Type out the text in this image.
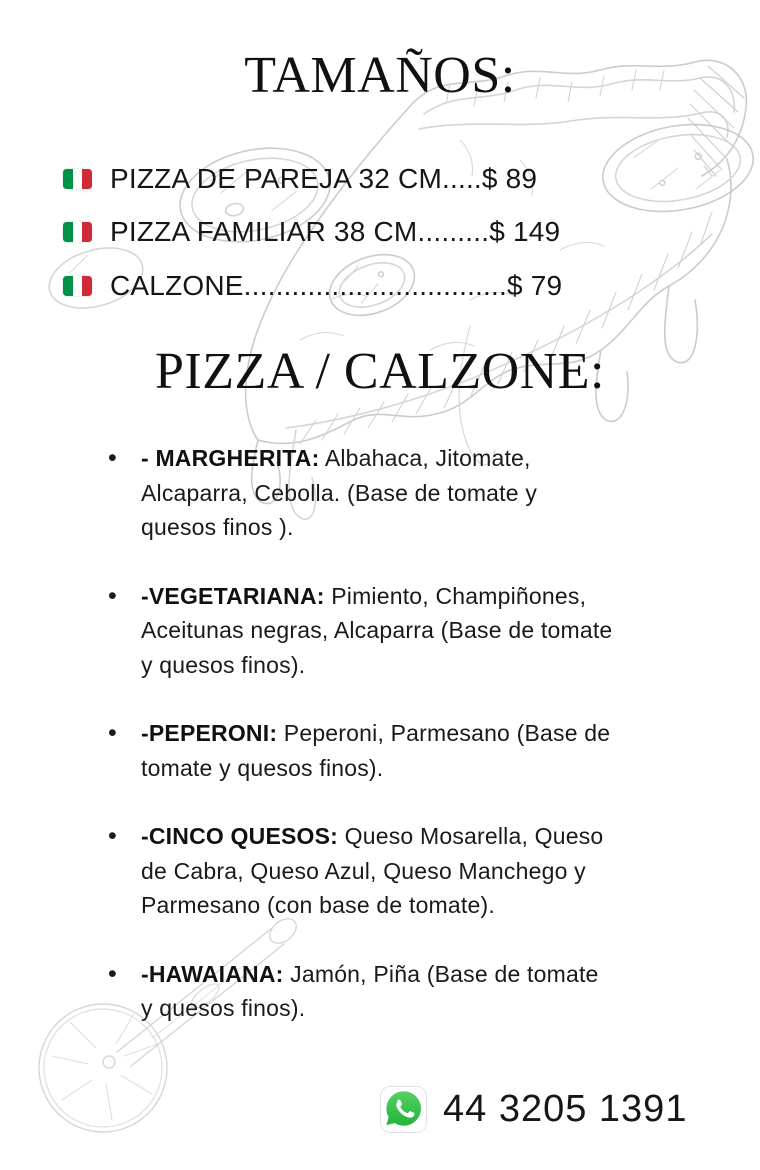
TAMAÑOS:
PIZZA DE PAREJA 32 CM.....$ 89
PIZZA FAMILIAR 38 CM.........$ 149
CALZONE.................................$ 79
PIZZA / CALZONE:
• - MARGHERITA: Albahaca, Jitomate, Alcaparra, Cebolla. (Base de tomate y quesos finos ).
• -VEGETARIANA: Pimiento, Champiñones, Aceitunas negras, Alcaparra (Base de tomate y quesos finos).
• -PEPERONI: Peperoni, Parmesano (Base de tomate y quesos finos).
• -CINCO QUESOS: Queso Mosarella, Queso de Cabra, Queso Azul, Queso Manchego y Parmesano (con base de tomate).
• -HAWAIANA: Jamón, Piña (Base de tomate y quesos finos).
44 3205 1391
